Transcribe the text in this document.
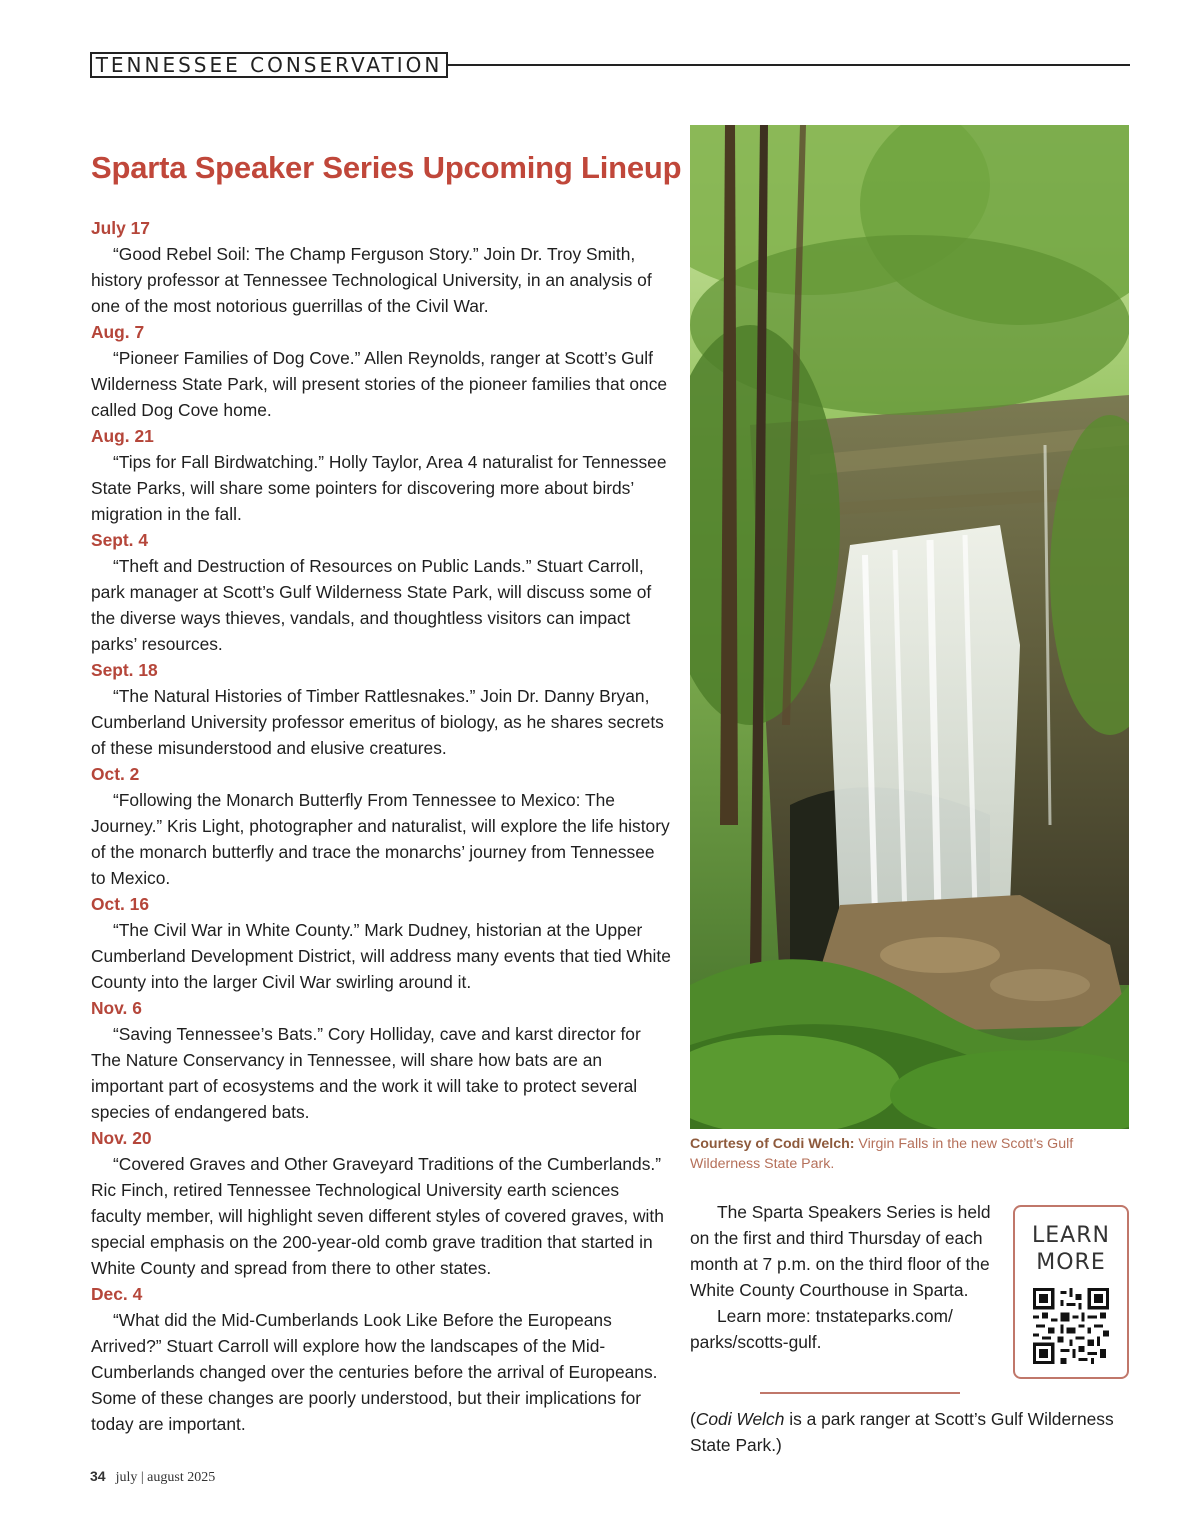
TENNESSEE CONSERVATION
Sparta Speaker Series Upcoming Lineup
July 17
“Good Rebel Soil: The Champ Ferguson Story.” Join Dr. Troy Smith, history professor at Tennessee Technological University, in an analysis of one of the most notorious guerrillas of the Civil War.
Aug. 7
“Pioneer Families of Dog Cove.” Allen Reynolds, ranger at Scott’s Gulf Wilderness State Park, will present stories of the pioneer families that once called Dog Cove home.
Aug. 21
“Tips for Fall Birdwatching.” Holly Taylor, Area 4 naturalist for Tennessee State Parks, will share some pointers for discovering more about birds’ migration in the fall.
Sept. 4
“Theft and Destruction of Resources on Public Lands.” Stuart Carroll, park manager at Scott’s Gulf Wilderness State Park, will discuss some of the diverse ways thieves, vandals, and thoughtless visitors can impact parks’ resources.
Sept. 18
“The Natural Histories of Timber Rattlesnakes.” Join Dr. Danny Bryan, Cumberland University professor emeritus of biology, as he shares secrets of these misunderstood and elusive creatures.
Oct. 2
“Following the Monarch Butterfly From Tennessee to Mexico: The Journey.” Kris Light, photographer and naturalist, will explore the life history of the monarch butterfly and trace the monarchs’ journey from Tennessee to Mexico.
Oct. 16
“The Civil War in White County.” Mark Dudney, historian at the Upper Cumberland Development District, will address many events that tied White County into the larger Civil War swirling around it.
Nov. 6
“Saving Tennessee’s Bats.” Cory Holliday, cave and karst director for The Nature Conservancy in Tennessee, will share how bats are an important part of ecosystems and the work it will take to protect several species of endangered bats.
Nov. 20
“Covered Graves and Other Graveyard Traditions of the Cumberlands.” Ric Finch, retired Tennessee Technological University earth sciences faculty member, will highlight seven different styles of covered graves, with special emphasis on the 200-year-old comb grave tradition that started in White County and spread from there to other states.
Dec. 4
“What did the Mid-Cumberlands Look Like Before the Europeans Arrived?” Stuart Carroll will explore how the landscapes of the Mid-Cumberlands changed over the centuries before the arrival of Europeans. Some of these changes are poorly understood, but their implications for today are important.
Courtesy of Codi Welch: Virgin Falls in the new Scott’s Gulf Wilderness State Park.

The Sparta Speakers Series is held on the first and third Thursday of each month at 7 p.m. on the third floor of the White County Courthouse in Sparta.

Learn more: tnstateparks.com/ parks/scotts-gulf.

LEARN
MORE
(Codi Welch is a park ranger at Scott’s Gulf Wilderness State Park.)
34 july | august 2025
